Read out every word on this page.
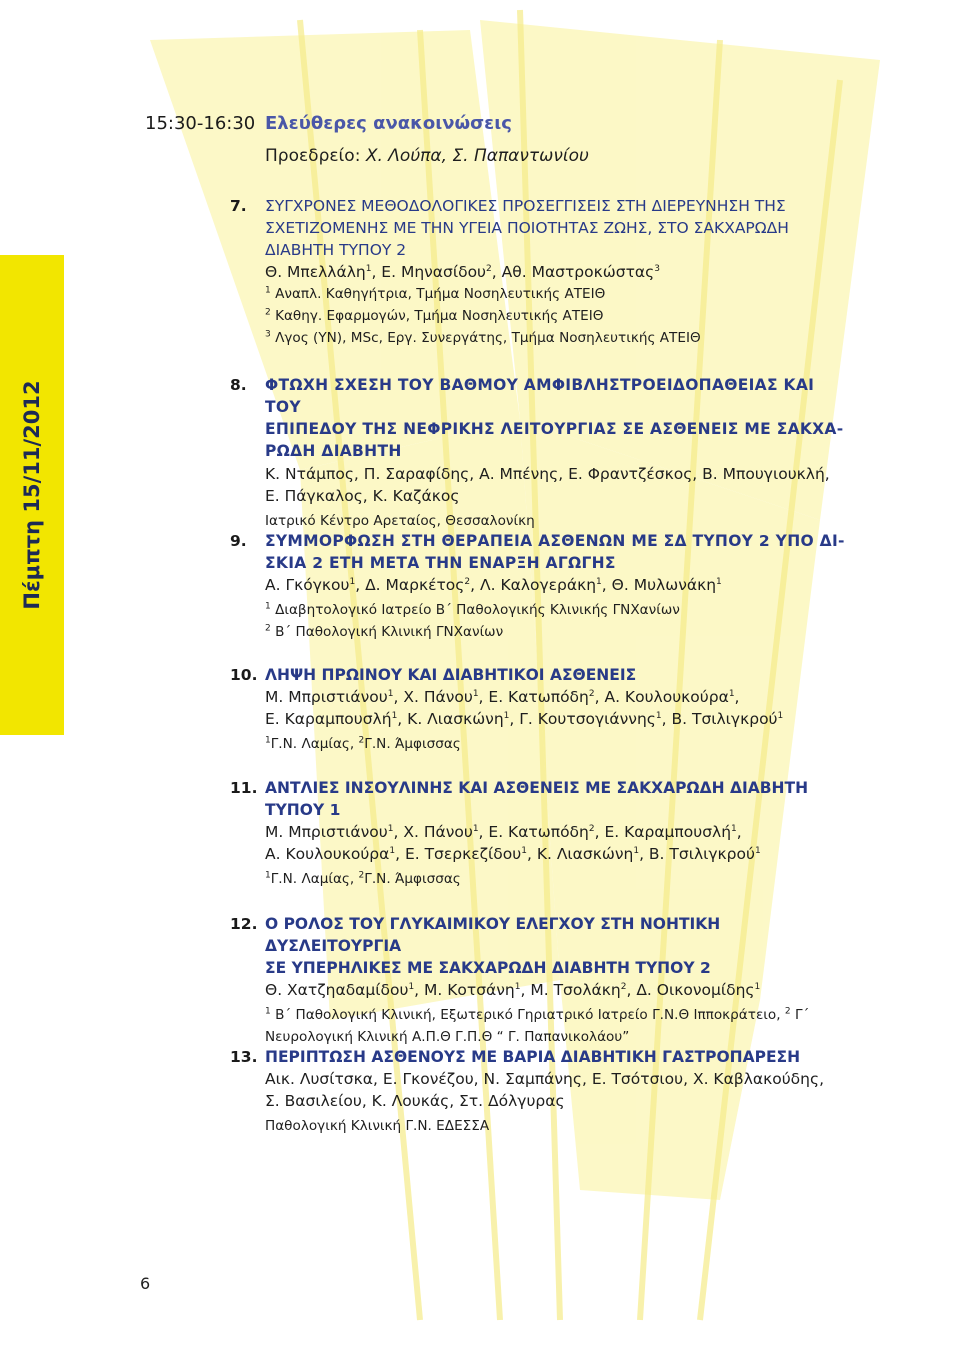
Πέμπτη 15/11/2012
15:30-16:30 Ελεύθερες ανακοινώσεις
Προεδρείο: Χ. Λούπα, Σ. Παπαντωνίου
7. ΣΥΓΧΡΟΝΕΣ ΜΕΘΟΔΟΛΟΓΙΚΕΣ ΠΡΟΣΕΓΓΙΣΕΙΣ ΣΤΗ ΔΙΕΡΕΥΝΗΣΗ ΤΗΣ
ΣΧΕΤΙΖΟΜΕΝΗΣ ΜΕ ΤΗΝ ΥΓΕΙΑ ΠΟΙΟΤΗΤΑΣ ΖΩΗΣ, ΣΤΟ ΣΑΚΧΑΡΩΔΗ
ΔΙΑΒΗΤΗ ΤΥΠΟΥ 2
Θ. Μπελλάλη$^1$, Ε. Μηνασίδου$^2$, Αθ. Μαστροκώστας$^3$
$^1$ Αναπλ. Καθηγήτρια, Τμήμα Νοσηλευτικής ΑΤΕΙΘ
$^2$ Καθηγ. Εφαρμογών, Τμήμα Νοσηλευτικής ΑΤΕΙΘ
$^3$ Λγος (ΥΝ), MSc, Εργ. Συνεργάτης, Τμήμα Νοσηλευτικής ΑΤΕΙΘ
8. ΦΤΩΧΗ ΣΧΕΣΗ ΤΟΥ ΒΑΘΜΟΥ ΑΜΦΙΒΛΗΣΤΡΟΕΙΔΟΠΑΘΕΙΑΣ ΚΑΙ ΤΟΥ
ΕΠΙΠΕΔΟΥ ΤΗΣ ΝΕΦΡΙΚΗΣ ΛΕΙΤΟΥΡΓΙΑΣ ΣΕ ΑΣΘΕΝΕΙΣ ΜΕ ΣΑΚΧΑ-
ΡΩΔΗ ΔΙΑΒΗΤΗ
Κ. Ντάμπος, Π. Σαραφίδης, Α. Μπένης, Ε. Φραντζέσκος, Β. Μπουγιουκλή,
Ε. Πάγκαλος, Κ. Καζάκος
Ιατρικό Κέντρο Αρεταίος, Θεσσαλονίκη
9. ΣΥΜΜΟΡΦΩΣΗ ΣΤΗ ΘΕΡΑΠΕΙΑ ΑΣΘΕΝΩΝ ΜΕ ΣΔ ΤΥΠΟΥ 2 ΥΠΟ ΔΙ-
ΣΚΙΑ 2 ΕΤΗ ΜΕΤΑ ΤΗΝ ΕΝΑΡΞΗ ΑΓΩΓΗΣ
Α. Γκόγκου$^1$, Δ. Μαρκέτος$^2$, Λ. Καλογεράκη$^1$, Θ. Μυλωνάκη$^1$
$^1$ Διαβητολογικό Ιατρείο Β΄ Παθολογικής Κλινικής ΓΝΧανίων
$^2$ Β΄ Παθολογική Κλινική ΓΝΧανίων
10. ΛΗΨΗ ΠΡΩΙΝΟΥ ΚΑΙ ΔΙΑΒΗΤΙΚΟΙ ΑΣΘΕΝΕΙΣ
Μ. Μπριστιάνου$^1$, Χ. Πάνου$^1$, Ε. Κατωπόδη$^2$, Α. Κουλουκούρα$^1$,
Ε. Καραμπουσλή$^1$, Κ. Λιασκώνη$^1$, Γ. Κουτσογιάννης$^1$, Β. Τσιλιγκρού$^1$
$^1$Γ.Ν. Λαμίας, $^2$Γ.Ν. Άμφισσας
11. ΑΝΤΛΙΕΣ ΙΝΣΟΥΛΙΝΗΣ ΚΑΙ ΑΣΘΕΝΕΙΣ ΜΕ ΣΑΚΧΑΡΩΔΗ ΔΙΑΒΗΤΗ
ΤΥΠΟΥ 1
Μ. Μπριστιάνου$^1$, Χ. Πάνου$^1$, Ε. Κατωπόδη$^2$, Ε. Καραμπουσλή$^1$,
Α. Κουλουκούρα$^1$, Ε. Τσερκεζίδου$^1$, Κ. Λιασκώνη$^1$, Β. Τσιλιγκρού$^1$
$^1$Γ.Ν. Λαμίας, $^2$Γ.Ν. Άμφισσας
12. Ο ΡΟΛΟΣ ΤΟΥ ΓΛΥΚΑΙΜΙΚΟΥ ΕΛΕΓΧΟΥ ΣΤΗ ΝΟΗΤΙΚΗ ΔΥΣΛΕΙΤΟΥΡΓΙΑ
ΣΕ ΥΠΕΡΗΛΙΚΕΣ ΜΕ ΣΑΚΧΑΡΩΔΗ ΔΙΑΒΗΤΗ ΤΥΠΟΥ 2
Θ. Χατζηαδαμίδου$^1$, Μ. Κοτσάνη$^1$, Μ. Τσολάκη$^2$, Δ. Οικονομίδης$^1$
$^1$ Β΄ Παθολογική Κλινική, Εξωτερικό Γηριατρικό Ιατρείο Γ.Ν.Θ Ιπποκράτειο, $^2$ Γ΄
Νευρολογική Κλινική Α.Π.Θ Γ.Π.Θ “ Γ. Παπανικολάου”
13. ΠΕΡΙΠΤΩΣΗ ΑΣΘΕΝΟΥΣ ΜΕ ΒΑΡΙΑ ΔΙΑΒΗΤΙΚΗ ΓΑΣΤΡΟΠΑΡΕΣΗ
Αικ. Λυσίτσκα, Ε. Γκονέζου, Ν. Σαμπάνης, Ε. Τσότσιου, Χ. Καβλακούδης,
Σ. Βασιλείου, Κ. Λουκάς, Στ. Δόλγυρας
Παθολογική Κλινική Γ.Ν. ΕΔΕΣΣΑ
6
